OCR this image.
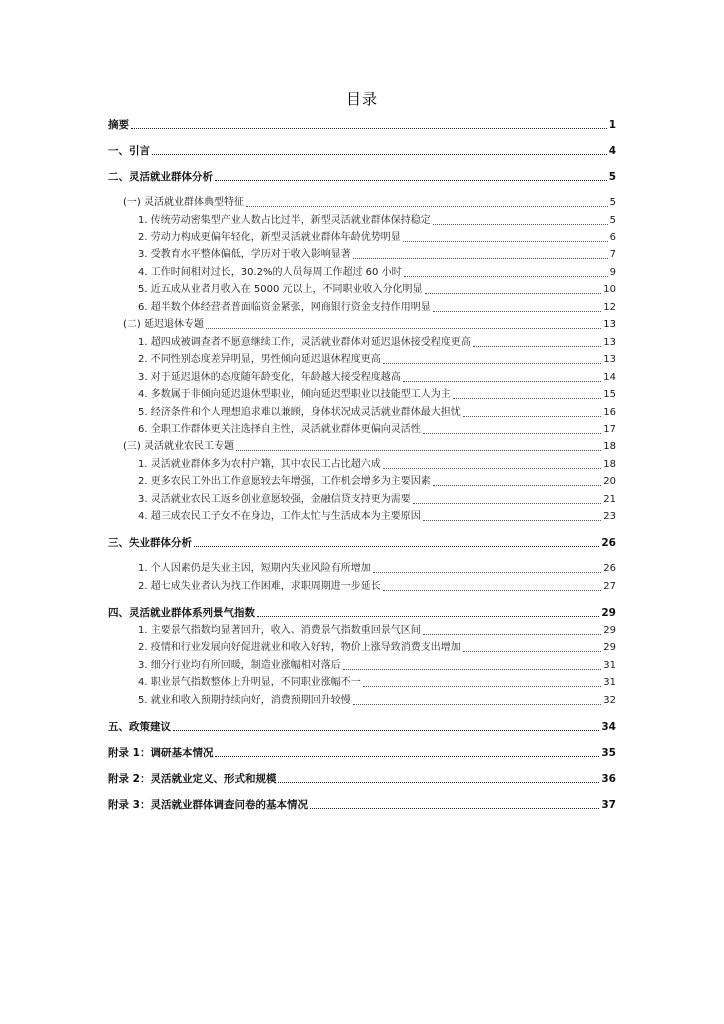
目录
摘要	1
一、引言	4
二、灵活就业群体分析	5
(一) 灵活就业群体典型特征	5
1. 传统劳动密集型产业人数占比过半，新型灵活就业群体保持稳定	5
2. 劳动力构成更偏年轻化，新型灵活就业群体年龄优势明显	6
3. 受教育水平整体偏低，学历对于收入影响显著	7
4. 工作时间相对过长，30.2%的人员每周工作超过 60 小时	9
5. 近五成从业者月收入在 5000 元以上，不同职业收入分化明显	10
6. 超半数个体经营者普面临资金紧张，网商银行资金支持作用明显	12
(二) 延迟退休专题	13
1. 超四成被调查者不愿意继续工作，灵活就业群体对延迟退休接受程度更高	13
2. 不同性别态度差异明显，男性倾向延迟退休程度更高	13
3. 对于延迟退休的态度随年龄变化，年龄越大接受程度越高	14
4. 多数属于非倾向延迟退休型职业，倾向延迟型职业以技能型工人为主	15
5. 经济条件和个人理想追求难以兼顾，身体状况成灵活就业群体最大担忧	16
6. 全职工作群体更关注选择自主性，灵活就业群体更偏向灵活性	17
(三) 灵活就业农民工专题	18
1. 灵活就业群体多为农村户籍，其中农民工占比超六成	18
2. 更多农民工外出工作意愿较去年增强，工作机会增多为主要因素	20
3. 灵活就业农民工返乡创业意愿较强，金融信贷支持更为需要	21
4. 超三成农民工子女不在身边，工作太忙与生活成本为主要原因	23
三、失业群体分析	26
1. 个人因素仍是失业主因，短期内失业风险有所增加	26
2. 超七成失业者认为找工作困难，求职周期进一步延长	27
四、灵活就业群体系列景气指数	29
1. 主要景气指数均显著回升，收入、消费景气指数重回景气区间	29
2. 疫情和行业发展向好促进就业和收入好转，物价上涨导致消费支出增加	29
3. 细分行业均有所回暖，制造业涨幅相对落后	31
4. 职业景气指数整体上升明显，不同职业涨幅不一	31
5. 就业和收入预期持续向好，消费预期回升较慢	32
五、政策建议	34
附录 1：调研基本情况	35
附录 2：灵活就业定义、形式和规模	36
附录 3：灵活就业群体调查问卷的基本情况	37
